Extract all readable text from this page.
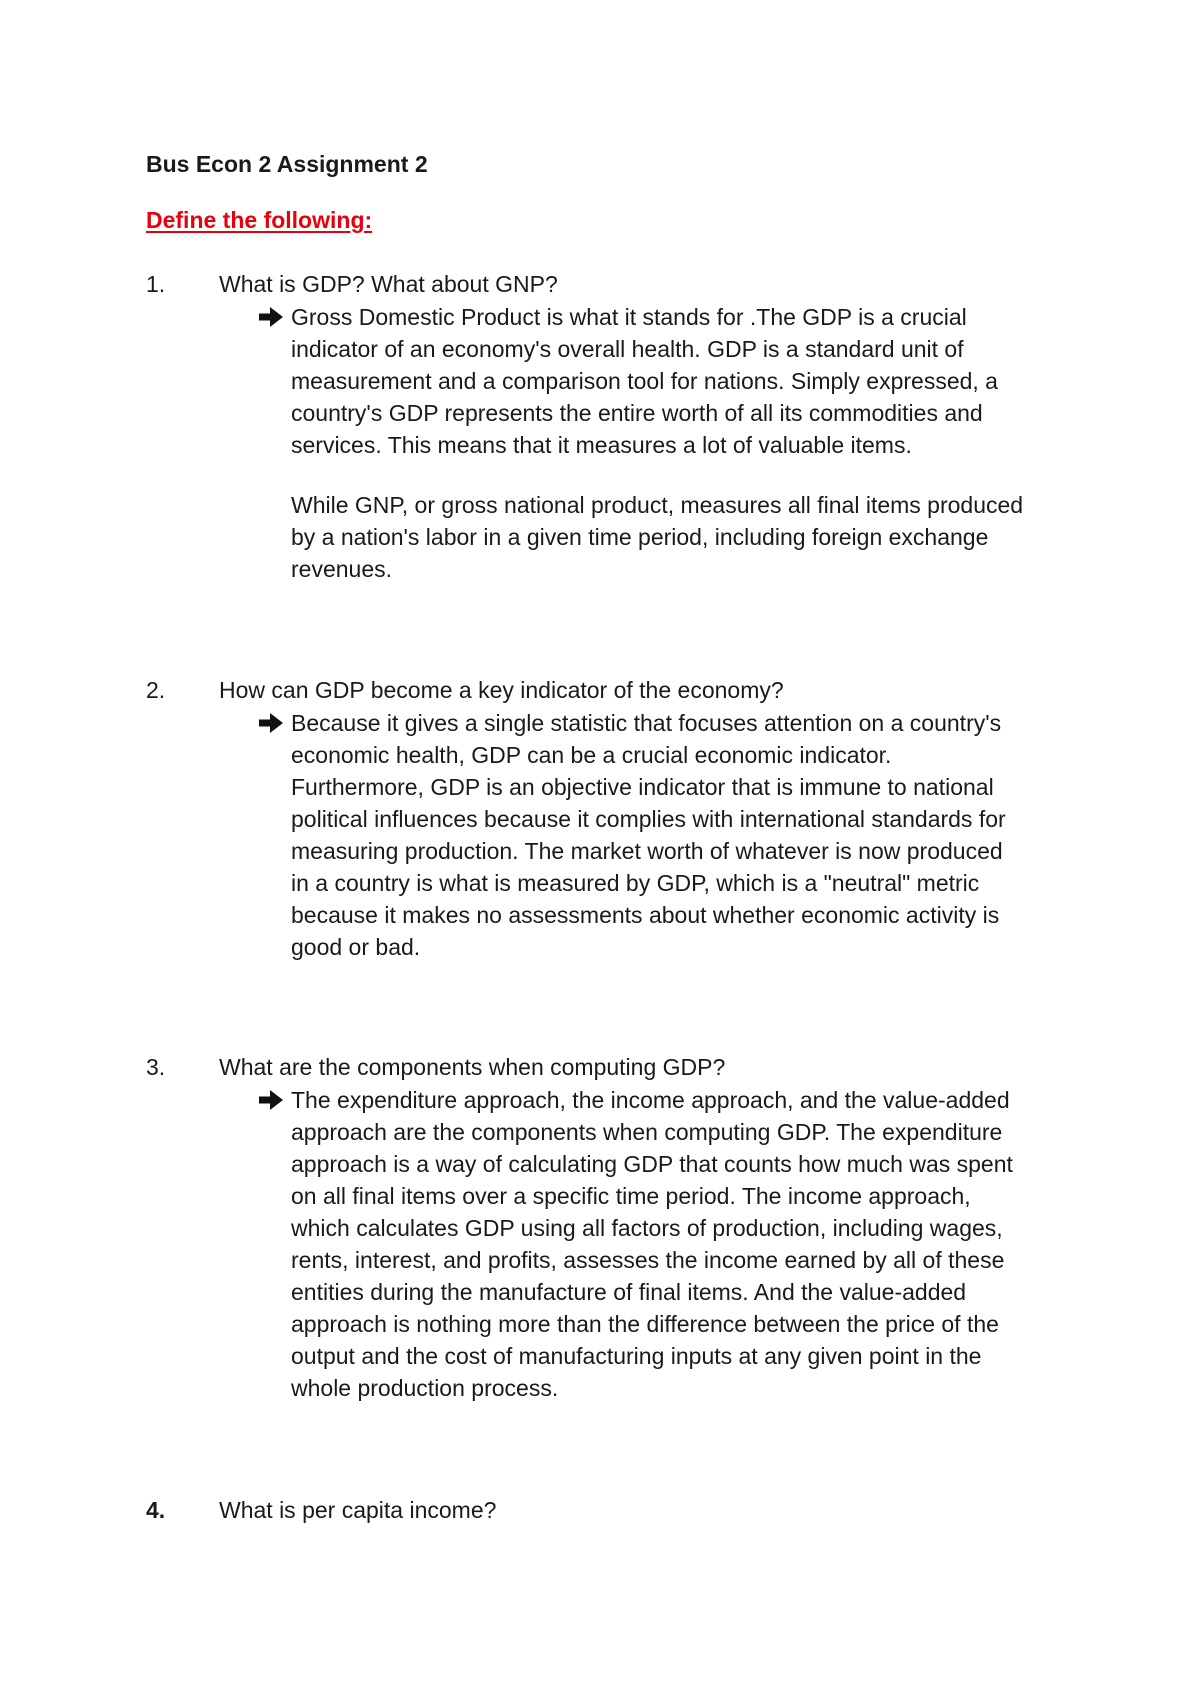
Bus Econ 2 Assignment 2
Define the following:
1. What is GDP? What about GNP?
Gross Domestic Product is what it stands for .The GDP is a crucial
indicator of an economy's overall health. GDP is a standard unit of
measurement and a comparison tool for nations. Simply expressed, a
country's GDP represents the entire worth of all its commodities and
services. This means that it measures a lot of valuable items.
While GNP, or gross national product, measures all final items produced
by a nation's labor in a given time period, including foreign exchange
revenues.
2. How can GDP become a key indicator of the economy?
Because it gives a single statistic that focuses attention on a country's
economic health, GDP can be a crucial economic indicator.
Furthermore, GDP is an objective indicator that is immune to national
political influences because it complies with international standards for
measuring production. The market worth of whatever is now produced
in a country is what is measured by GDP, which is a "neutral" metric
because it makes no assessments about whether economic activity is
good or bad.
3. What are the components when computing GDP?
The expenditure approach, the income approach, and the value-added
approach are the components when computing GDP. The expenditure
approach is a way of calculating GDP that counts how much was spent
on all final items over a specific time period. The income approach,
which calculates GDP using all factors of production, including wages,
rents, interest, and profits, assesses the income earned by all of these
entities during the manufacture of final items. And the value-added
approach is nothing more than the difference between the price of the
output and the cost of manufacturing inputs at any given point in the
whole production process.
4. What is per capita income?
